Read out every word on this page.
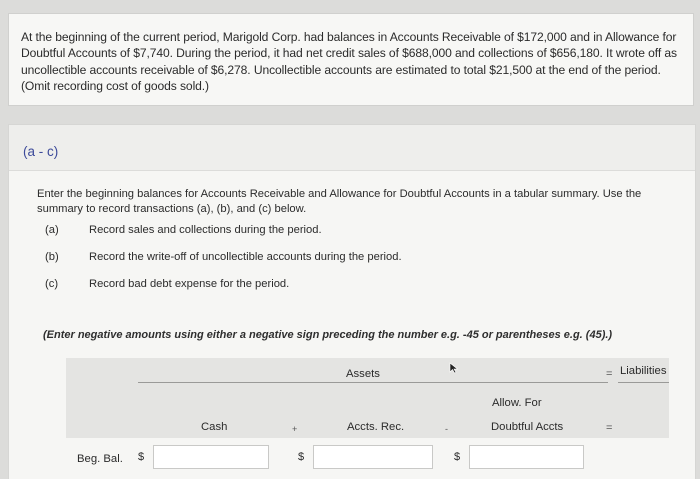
At the beginning of the current period, Marigold Corp. had balances in Accounts Receivable of $172,000 and in Allowance for Doubtful Accounts of $7,740. During the period, it had net credit sales of $688,000 and collections of $656,180. It wrote off as uncollectible accounts receivable of $6,278. Uncollectible accounts are estimated to total $21,500 at the end of the period. (Omit recording cost of goods sold.)

(a - c)

Enter the beginning balances for Accounts Receivable and Allowance for Doubtful Accounts in a tabular summary. Use the summary to record transactions (a), (b), and (c) below.

(a)	Record sales and collections during the period.
(b)	Record the write-off of uncollectible accounts during the period.
(c)	Record bad debt expense for the period.

(Enter negative amounts using either a negative sign preceding the number e.g. -45 or parentheses e.g. (45).)

Assets	= Liabilities
Allow. For
Cash	+	Accts. Rec.	-	Doubtful Accts	=
Beg. Bal. $	$	$
